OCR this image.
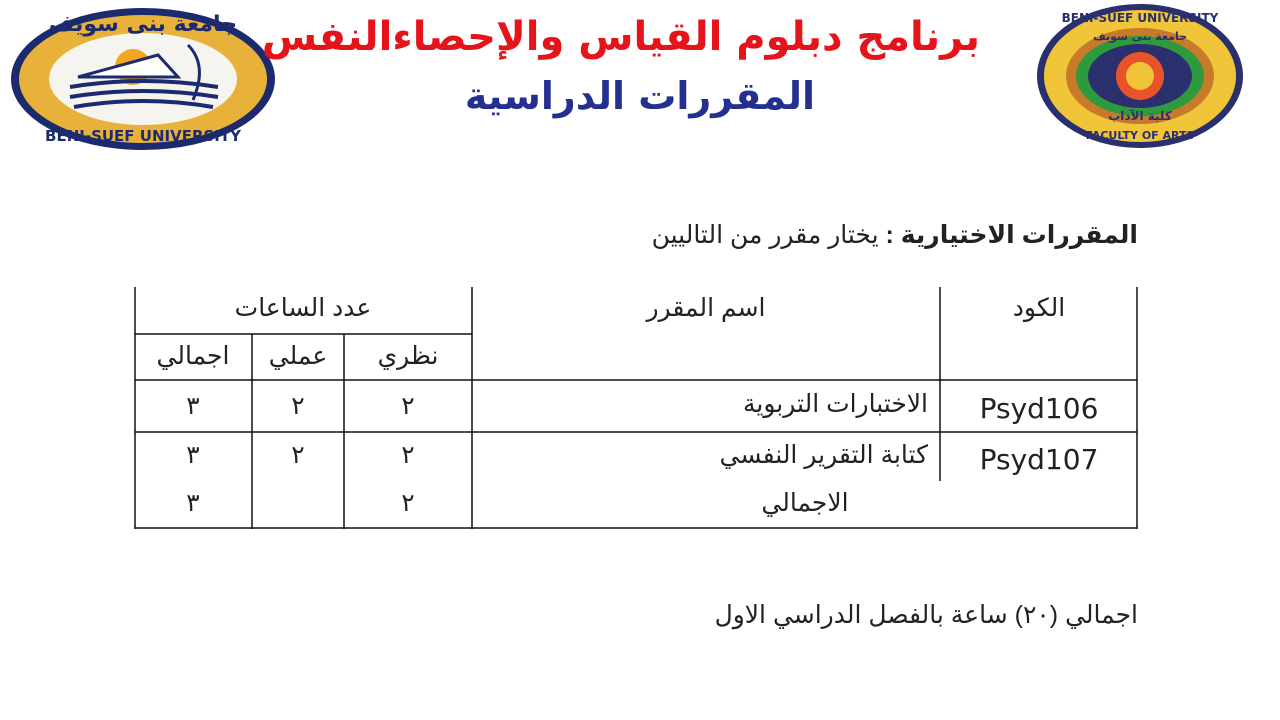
جامعة بنى سويف
BENI-SUEF UNIVERSITY
BENI-SUEF UNIVERSITY
جامعة بنى سويف
كلية الآداب
FACULTY OF ARTS
برنامج دبلوم القياس والإحصاءالنفس
المقررات الدراسية
المقررات الاختيارية : يختار مقرر من التاليين
الكود
اسم المقرر
عدد الساعات
نظري
عملي
اجمالي
Psyd106
الاختبارات التربوية
٢
٢
٣
Psyd107
كتابة التقرير النفسي
٢
٢
٣
الاجمالي
٢
٣
اجمالي (٢٠) ساعة بالفصل الدراسي الاول
